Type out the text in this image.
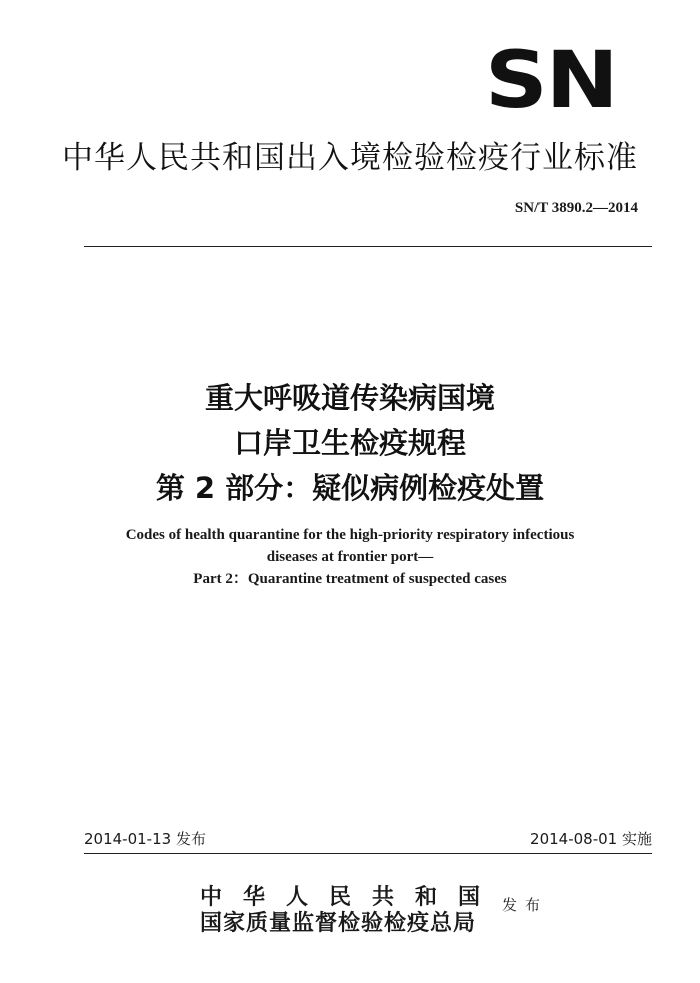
SN
中华人民共和国出入境检验检疫行业标准
SN/T 3890.2—2014
重大呼吸道传染病国境
口岸卫生检疫规程
第 2 部分：疑似病例检疫处置
Codes of health quarantine for the high-priority respiratory infectious
diseases at frontier port—
Part 2：Quarantine treatment of suspected cases
2014-01-13 发布	2014-08-01 实施
中华人民共和国
国家质量监督检验检疫总局
发布
